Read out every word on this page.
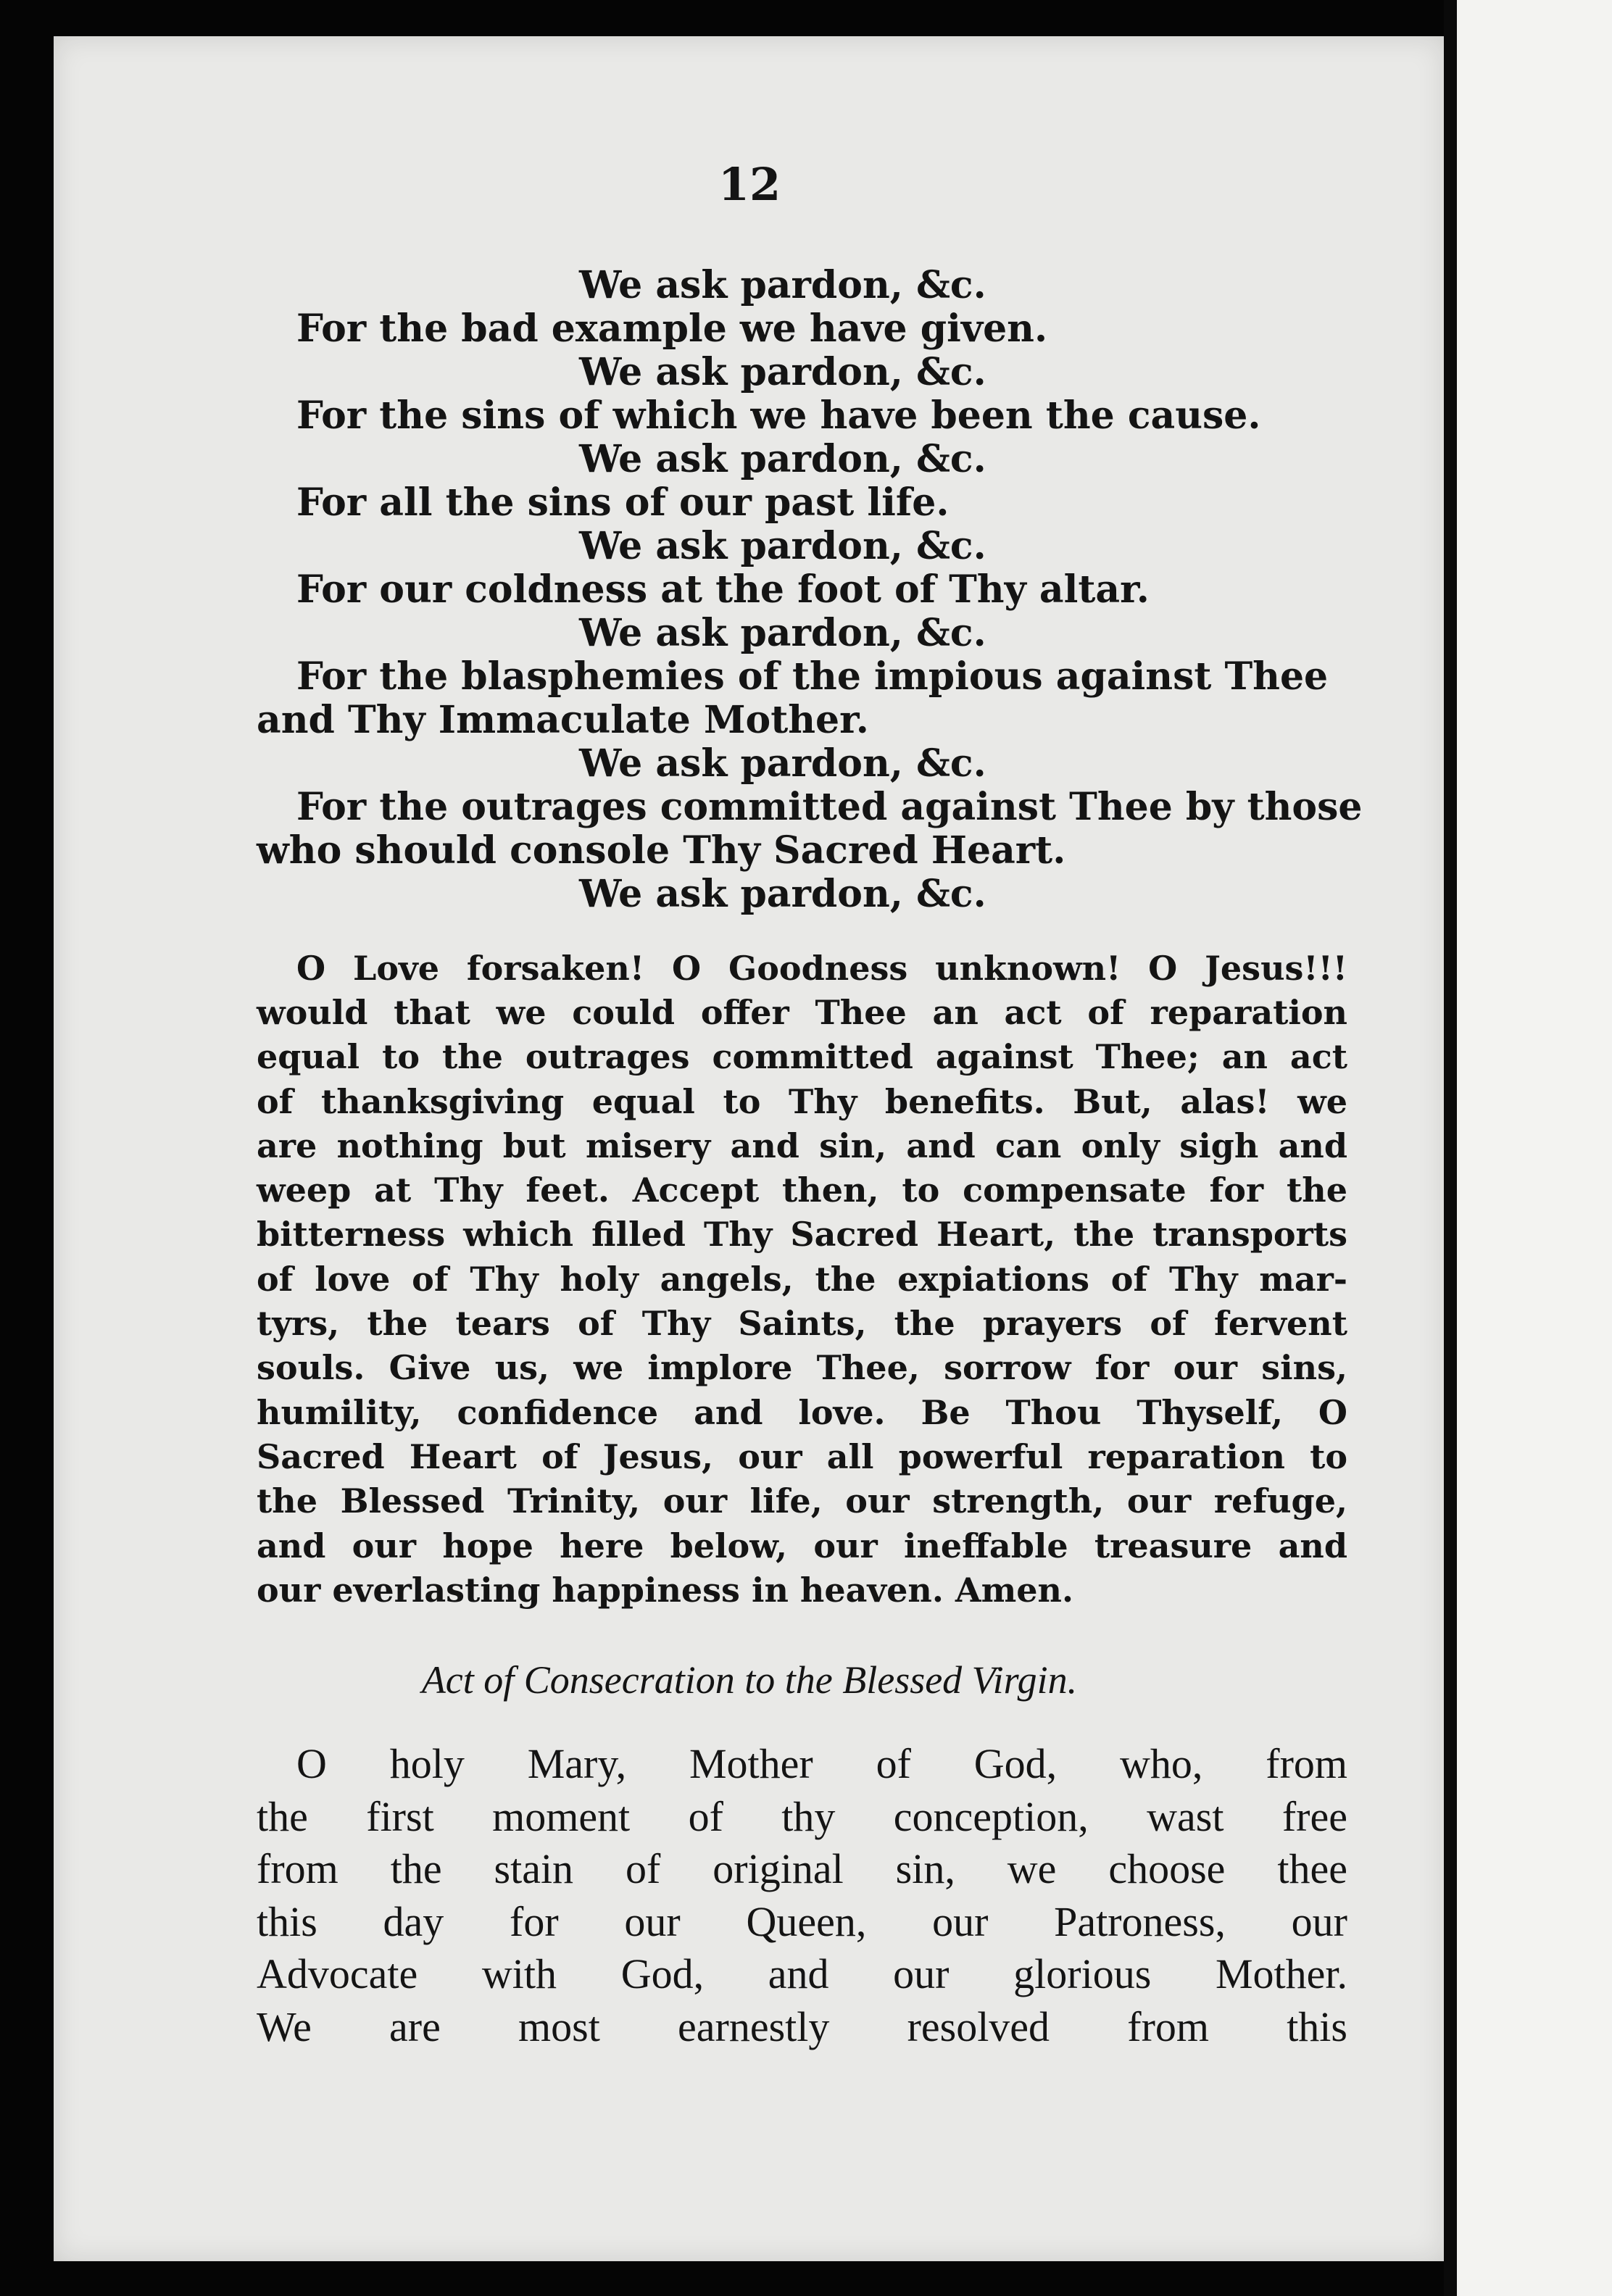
12

We ask pardon, &c.

For the bad example we have given.

We ask pardon, &c.

For the sins of which we have been the cause.

We ask pardon, &c.

For all the sins of our past life.

We ask pardon, &c.

For our coldness at the foot of Thy altar.

We ask pardon, &c.

For the blasphemies of the impious against Thee

and Thy Immaculate Mother.

We ask pardon, &c.

For the outrages committed against Thee by those

who should console Thy Sacred Heart.

We ask pardon, &c.

O Love forsaken! O Goodness unknown! O Jesus!!!
would that we could offer Thee an act of reparation
equal to the outrages committed against Thee; an act
of thanksgiving equal to Thy benefits. But, alas! we
are nothing but misery and sin, and can only sigh and
weep at Thy feet. Accept then, to compensate for the
bitterness which filled Thy Sacred Heart, the transports
of love of Thy holy angels, the expiations of Thy mar-
tyrs, the tears of Thy Saints, the prayers of fervent
souls. Give us, we implore Thee, sorrow for our sins,
humility, confidence and love. Be Thou Thyself, O
Sacred Heart of Jesus, our all powerful reparation to
the Blessed Trinity, our life, our strength, our refuge,
and our hope here below, our ineffable treasure and
our everlasting happiness in heaven. Amen.

Act of Consecration to the Blessed Virgin.

O holy Mary, Mother of God, who, from
the first moment of thy conception, wast free
from the stain of original sin, we choose thee
this day for our Queen, our Patroness, our
Advocate with God, and our glorious Mother.
We are most earnestly resolved from this
